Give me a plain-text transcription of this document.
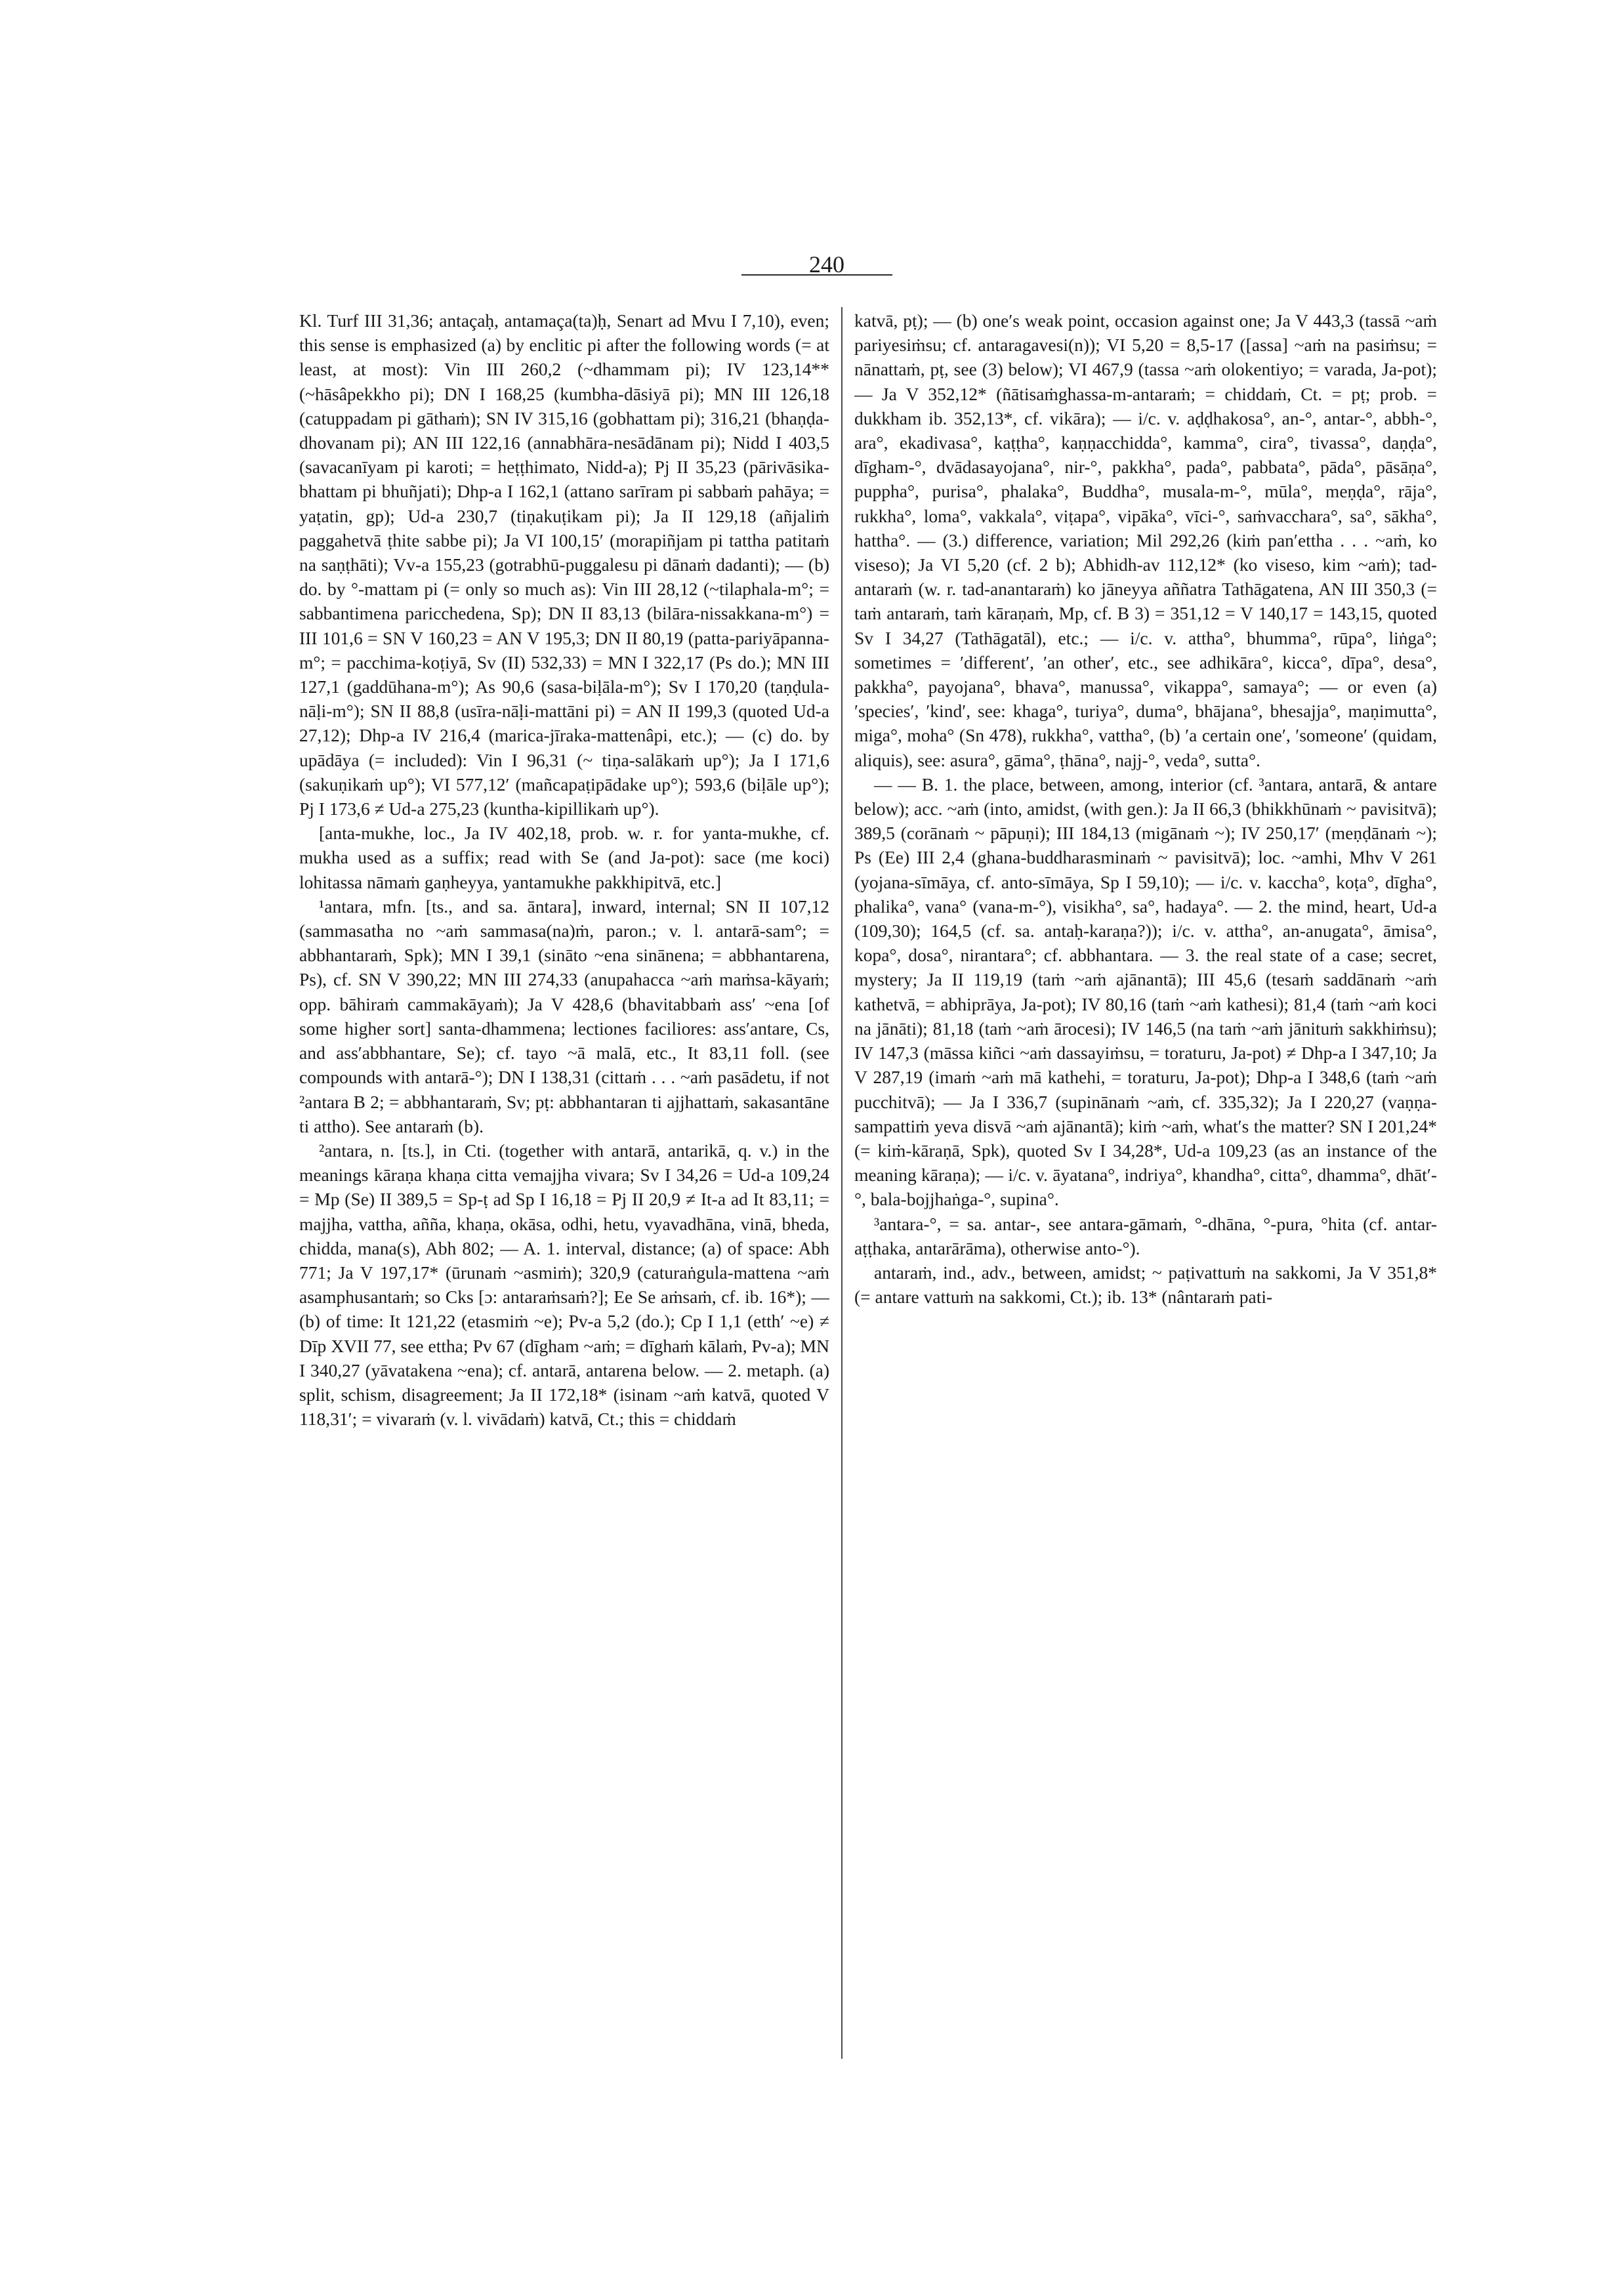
240

Kl. Turf III 31,36; antaçaḥ, antamaça(ta)ḥ, Senart ad Mvu I 7,10), even; this sense is emphasized (a) by enclitic pi after the following words (= at least, at most): Vin III 260,2 (~dhammam pi); IV 123,14** (~hāsâpekkho pi); DN I 168,25 (kumbha-dāsiyā pi); MN III 126,18 (catuppadam pi gāthaṁ); SN IV 315,16 (gobhattam pi); 316,21 (bhaṇḍa-dhovanam pi); AN III 122,16 (annabhāra-nesādānam pi); Nidd I 403,5 (savacanīyam pi karoti; = heṭṭhimato, Nidd-a); Pj II 35,23 (pārivāsika-bhattam pi bhuñjati); Dhp-a I 162,1 (attano sarīram pi sabbaṁ pahāya; = yaṭatin, gp); Ud-a 230,7 (tiṇakuṭikam pi); Ja II 129,18 (añjaliṁ paggahetvā ṭhite sabbe pi); Ja VI 100,15′ (morapiñjam pi tattha patitaṁ na saṇṭhāti); Vv-a 155,23 (gotrabhū-puggalesu pi dānaṁ dadanti); — (b) do. by °-mattam pi (= only so much as): Vin III 28,12 (~tilaphala-m°; = sabbantimena paricchedena, Sp); DN II 83,13 (bilāra-nissakkana-m°) = III 101,6 = SN V 160,23 = AN V 195,3; DN II 80,19 (patta-pariyāpanna-m°; = pacchima-koṭiyā, Sv (II) 532,33) = MN I 322,17 (Ps do.); MN III 127,1 (gaddūhana-m°); As 90,6 (sasa-biḷāla-m°); Sv I 170,20 (taṇḍula-nāḷi-m°); SN II 88,8 (usīra-nāḷi-mattāni pi) = AN II 199,3 (quoted Ud-a 27,12); Dhp-a IV 216,4 (marica-jīraka-mattenâpi, etc.); — (c) do. by upādāya (= included): Vin I 96,31 (~ tiṇa-salākaṁ up°); Ja I 171,6 (sakuṇikaṁ up°); VI 577,12′ (mañcapaṭipādake up°); 593,6 (biḷāle up°); Pj I 173,6 ≠ Ud-a 275,23 (kuntha-kipillikaṁ up°).

[anta-mukhe, loc., Ja IV 402,18, prob. w. r. for yanta-mukhe, cf. mukha used as a suffix; read with Se (and Ja-pot): sace (me koci) lohitassa nāmaṁ gaṇheyya, yantamukhe pakkhipitvā, etc.]

¹antara, mfn. [ts., and sa. āntara], inward, internal; SN II 107,12 (sammasatha no ~aṁ sammasa(na)ṁ, paron.; v. l. antarā-sam°; = abbhantaraṁ, Spk); MN I 39,1 (sināto ~ena sinānena; = abbhantarena, Ps), cf. SN V 390,22; MN III 274,33 (anupahacca ~aṁ maṁsa-kāyaṁ; opp. bāhiraṁ cammakāyaṁ); Ja V 428,6 (bhavitabbaṁ ass′ ~ena [of some higher sort] santa-dhammena; lectiones faciliores: ass′antare, Cs, and ass′abbhantare, Se); cf. tayo ~ā malā, etc., It 83,11 foll. (see compounds with antarā-°); DN I 138,31 (cittaṁ . . . ~aṁ pasādetu, if not ²antara B 2; = abbhantaraṁ, Sv; pṭ: abbhantaran ti ajjhattaṁ, sakasantāne ti attho). See antaraṁ (b).

²antara, n. [ts.], in Cti. (together with antarā, antarikā, q. v.) in the meanings kāraṇa khaṇa citta vemajjha vivara; Sv I 34,26 = Ud-a 109,24 = Mp (Se) II 389,5 = Sp-ṭ ad Sp I 16,18 = Pj II 20,9 ≠ It-a ad It 83,11; = majjha, vattha, añña, khaṇa, okāsa, odhi, hetu, vyavadhāna, vinā, bheda, chidda, mana(s), Abh 802; — A. 1. interval, distance; (a) of space: Abh 771; Ja V 197,17* (ūrunaṁ ~asmiṁ); 320,9 (caturaṅgula-mattena ~aṁ asamphusantaṁ; so Cks [ɔ: antaraṁsaṁ?]; Ee Se aṁsaṁ, cf. ib. 16*); — (b) of time: It 121,22 (etasmiṁ ~e); Pv-a 5,2 (do.); Cp I 1,1 (etth′ ~e) ≠ Dīp XVII 77, see ettha; Pv 67 (dīgham ~aṁ; = dīghaṁ kālaṁ, Pv-a); MN I 340,27 (yāvatakena ~ena); cf. antarā, antarena below. — 2. metaph. (a) split, schism, disagreement; Ja II 172,18* (isinam ~aṁ katvā, quoted V 118,31′; = vivaraṁ (v. l. vivādaṁ) katvā, Ct.; this = chiddaṁ

katvā, pṭ); — (b) one′s weak point, occasion against one; Ja V 443,3 (tassā ~aṁ pariyesiṁsu; cf. antaragavesi(n)); VI 5,20 = 8,5-17 ([assa] ~aṁ na pasiṁsu; = nānattaṁ, pṭ, see (3) below); VI 467,9 (tassa ~aṁ olokentiyo; = varada, Ja-pot); — Ja V 352,12* (ñātisaṁghassa-m-antaraṁ; = chiddaṁ, Ct. = pṭ; prob. = dukkham ib. 352,13*, cf. vikāra); — i/c. v. aḍḍhakosa°, an-°, antar-°, abbh-°, ara°, ekadivasa°, kaṭṭha°, kaṇṇacchidda°, kamma°, cira°, tivassa°, daṇḍa°, dīgham-°, dvādasayojana°, nir-°, pakkha°, pada°, pabbata°, pāda°, pāsāṇa°, puppha°, purisa°, phalaka°, Buddha°, musala-m-°, mūla°, meṇḍa°, rāja°, rukkha°, loma°, vakkala°, viṭapa°, vipāka°, vīci-°, saṁvacchara°, sa°, sākha°, hattha°. — (3.) difference, variation; Mil 292,26 (kiṁ pan′ettha . . . ~aṁ, ko viseso); Ja VI 5,20 (cf. 2 b); Abhidh-av 112,12* (ko viseso, kim ~aṁ); tad-antaraṁ (w. r. tad-anantaraṁ) ko jāneyya aññatra Tathāgatena, AN III 350,3 (= taṁ antaraṁ, taṁ kāraṇaṁ, Mp, cf. B 3) = 351,12 = V 140,17 = 143,15, quoted Sv I 34,27 (Tathāgatāl), etc.; — i/c. v. attha°, bhumma°, rūpa°, liṅga°; sometimes = ′different′, ′an other′, etc., see adhikāra°, kicca°, dīpa°, desa°, pakkha°, payojana°, bhava°, manussa°, vikappa°, samaya°; — or even (a) ′species′, ′kind′, see: khaga°, turiya°, duma°, bhājana°, bhesajja°, maṇimutta°, miga°, moha° (Sn 478), rukkha°, vattha°, (b) ′a certain one′, ′someone′ (quidam, aliquis), see: asura°, gāma°, ṭhāna°, najj-°, veda°, sutta°.

— — B. 1. the place, between, among, interior (cf. ³antara, antarā, & antare below); acc. ~aṁ (into, amidst, (with gen.): Ja II 66,3 (bhikkhūnaṁ ~ pavisitvā); 389,5 (corānaṁ ~ pāpuṇi); III 184,13 (migānaṁ ~); IV 250,17′ (meṇḍānaṁ ~); Ps (Ee) III 2,4 (ghana-buddharasminaṁ ~ pavisitvā); loc. ~amhi, Mhv V 261 (yojana-sīmāya, cf. anto-sīmāya, Sp I 59,10); — i/c. v. kaccha°, koṭa°, dīgha°, phalika°, vana° (vana-m-°), visikha°, sa°, hadaya°. — 2. the mind, heart, Ud-a (109,30); 164,5 (cf. sa. antaḥ-karaṇa?)); i/c. v. attha°, an-anugata°, āmisa°, kopa°, dosa°, nirantara°; cf. abbhantara. — 3. the real state of a case; secret, mystery; Ja II 119,19 (taṁ ~aṁ ajānantā); III 45,6 (tesaṁ saddānaṁ ~aṁ kathetvā, = abhiprāya, Ja-pot); IV 80,16 (taṁ ~aṁ kathesi); 81,4 (taṁ ~aṁ koci na jānāti); 81,18 (taṁ ~aṁ ārocesi); IV 146,5 (na taṁ ~aṁ jānituṁ sakkhiṁsu); IV 147,3 (māssa kiñci ~aṁ dassayiṁsu, = toraturu, Ja-pot) ≠ Dhp-a I 347,10; Ja V 287,19 (imaṁ ~aṁ mā kathehi, = toraturu, Ja-pot); Dhp-a I 348,6 (taṁ ~aṁ pucchitvā); — Ja I 336,7 (supinānaṁ ~aṁ, cf. 335,32); Ja I 220,27 (vaṇṇa-sampattiṁ yeva disvā ~aṁ ajānantā); kiṁ ~aṁ, what′s the matter? SN I 201,24* (= kiṁ-kāraṇā, Spk), quoted Sv I 34,28*, Ud-a 109,23 (as an instance of the meaning kāraṇa); — i/c. v. āyatana°, indriya°, khandha°, citta°, dhamma°, dhāt′-°, bala-bojjhaṅga-°, supina°.

³antara-°, = sa. antar-, see antara-gāmaṁ, °-dhāna, °-pura, °hita (cf. antar-aṭṭhaka, antarārāma), otherwise anto-°).

antaraṁ, ind., adv., between, amidst; ~ paṭivattuṁ na sakkomi, Ja V 351,8* (= antare vattuṁ na sakkomi, Ct.); ib. 13* (nântaraṁ pati-
